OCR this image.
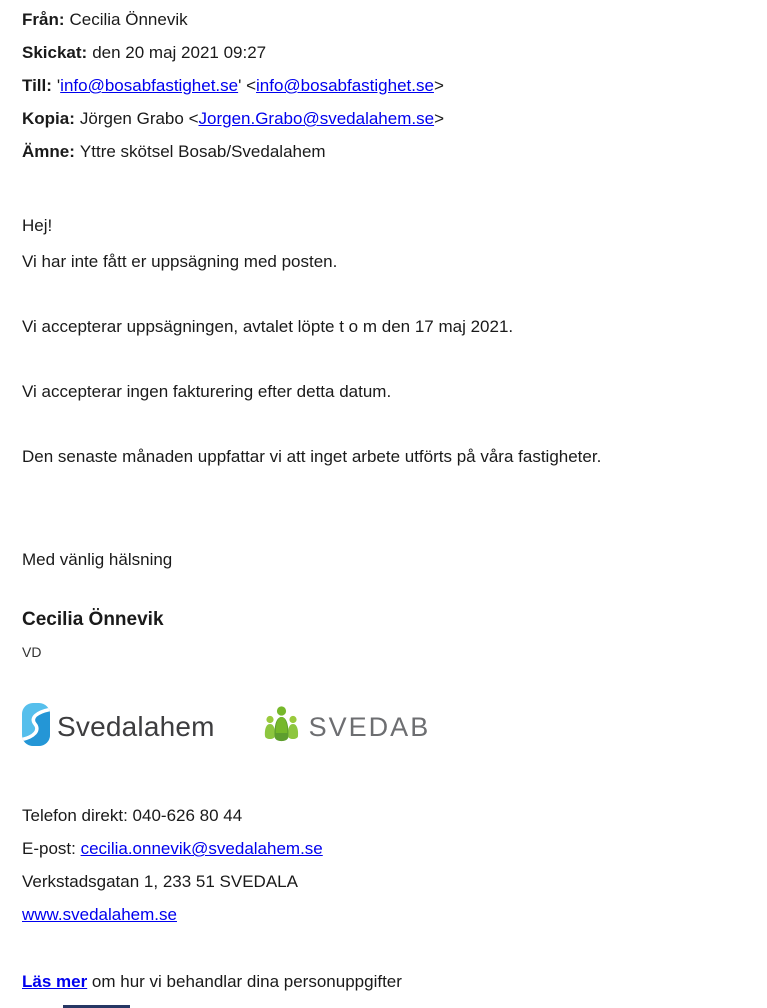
Från: Cecilia Önnevik
Skickat: den 20 maj 2021 09:27
Till: 'info@bosabfastighet.se' <info@bosabfastighet.se>
Kopia: Jörgen Grabo <Jorgen.Grabo@svedalahem.se>
Ämne: Yttre skötsel Bosab/Svedalahem
Hej!
Vi har inte fått er uppsägning med posten.
Vi accepterar uppsägningen, avtalet löpte t o m den 17 maj 2021.
Vi accepterar ingen fakturering efter detta datum.
Den senaste månaden uppfattar vi att inget arbete utförts på våra fastigheter.
Med vänlig hälsning
Cecilia Önnevik
VD
Svedalahem	SVEDAB
Telefon direkt: 040-626 80 44
E-post: cecilia.onnevik@svedalahem.se
Verkstadsgatan 1, 233 51 SVEDALA
www.svedalahem.se
Läs mer om hur vi behandlar dina personuppgifter
